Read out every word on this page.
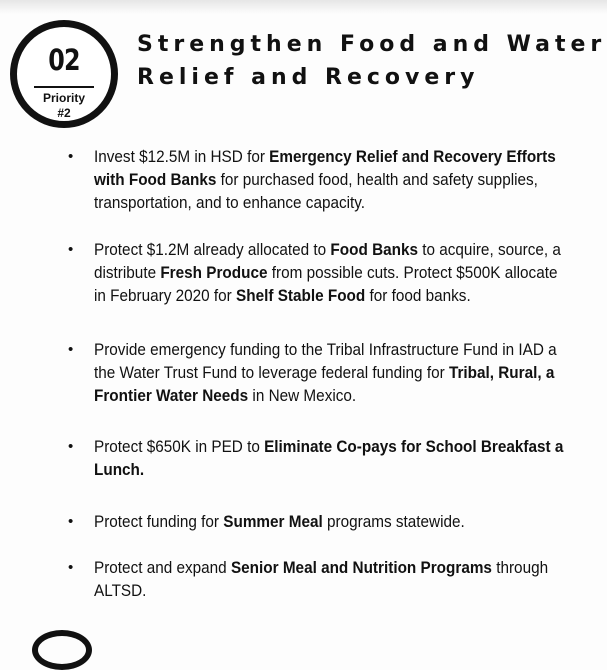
02
Priority
#2
Strengthen Food and Water
Relief and Recovery
• Invest $12.5M in HSD for Emergency Relief and Recovery Efforts
with Food Banks for purchased food, health and safety supplies,
transportation, and to enhance capacity.
• Protect $1.2M already allocated to Food Banks to acquire, source, a
distribute Fresh Produce from possible cuts. Protect $500K allocate
in February 2020 for Shelf Stable Food for food banks.
• Provide emergency funding to the Tribal Infrastructure Fund in IAD a
the Water Trust Fund to leverage federal funding for Tribal, Rural, a
Frontier Water Needs in New Mexico.
• Protect $650K in PED to Eliminate Co-pays for School Breakfast a
Lunch.
• Protect funding for Summer Meal programs statewide.
• Protect and expand Senior Meal and Nutrition Programs through
ALTSD.
